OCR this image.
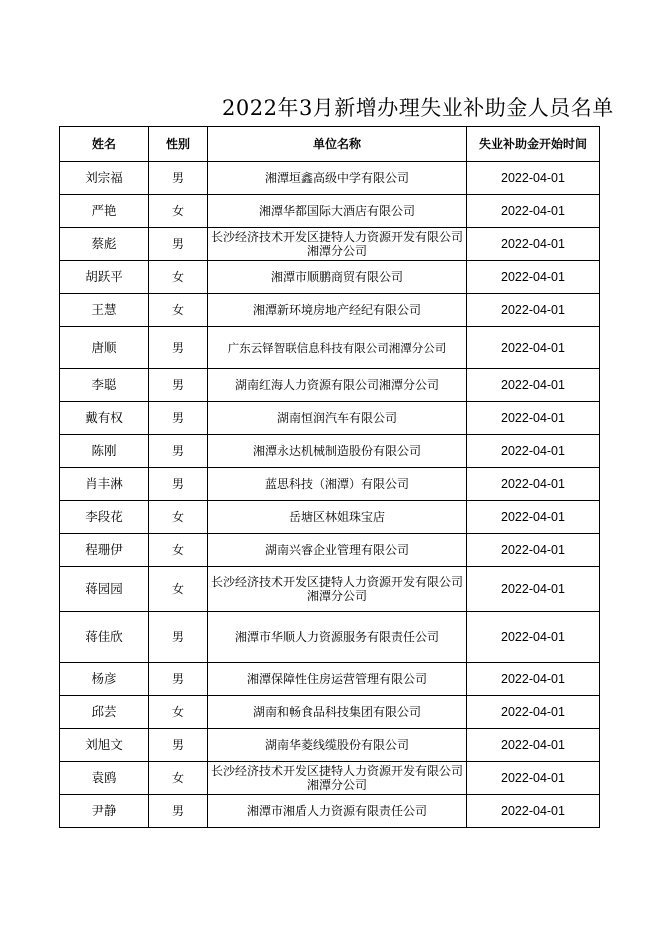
2022年3月新增办理失业补助金人员名单
姓名	性别	单位名称	失业补助金开始时间
刘宗福	男	湘潭垣鑫高级中学有限公司	2022-04-01
严艳	女	湘潭华都国际大酒店有限公司	2022-04-01
蔡彪	男	长沙经济技术开发区捷特人力资源开发有限公司湘潭分公司	2022-04-01
胡跃平	女	湘潭市顺鹏商贸有限公司	2022-04-01
王慧	女	湘潭新环境房地产经纪有限公司	2022-04-01
唐顺	男	广东云铎智联信息科技有限公司湘潭分公司	2022-04-01
李聪	男	湖南红海人力资源有限公司湘潭分公司	2022-04-01
戴有权	男	湖南恒润汽车有限公司	2022-04-01
陈刚	男	湘潭永达机械制造股份有限公司	2022-04-01
肖丰淋	男	蓝思科技（湘潭）有限公司	2022-04-01
李段花	女	岳塘区林姐珠宝店	2022-04-01
程珊伊	女	湖南兴睿企业管理有限公司	2022-04-01
蒋园园	女	长沙经济技术开发区捷特人力资源开发有限公司湘潭分公司	2022-04-01
蒋佳欣	男	湘潭市华顺人力资源服务有限责任公司	2022-04-01
杨彦	男	湘潭保障性住房运营管理有限公司	2022-04-01
邱芸	女	湖南和畅食品科技集团有限公司	2022-04-01
刘旭文	男	湖南华菱线缆股份有限公司	2022-04-01
袁鸥	女	长沙经济技术开发区捷特人力资源开发有限公司湘潭分公司	2022-04-01
尹静	男	湘潭市湘盾人力资源有限责任公司	2022-04-01
